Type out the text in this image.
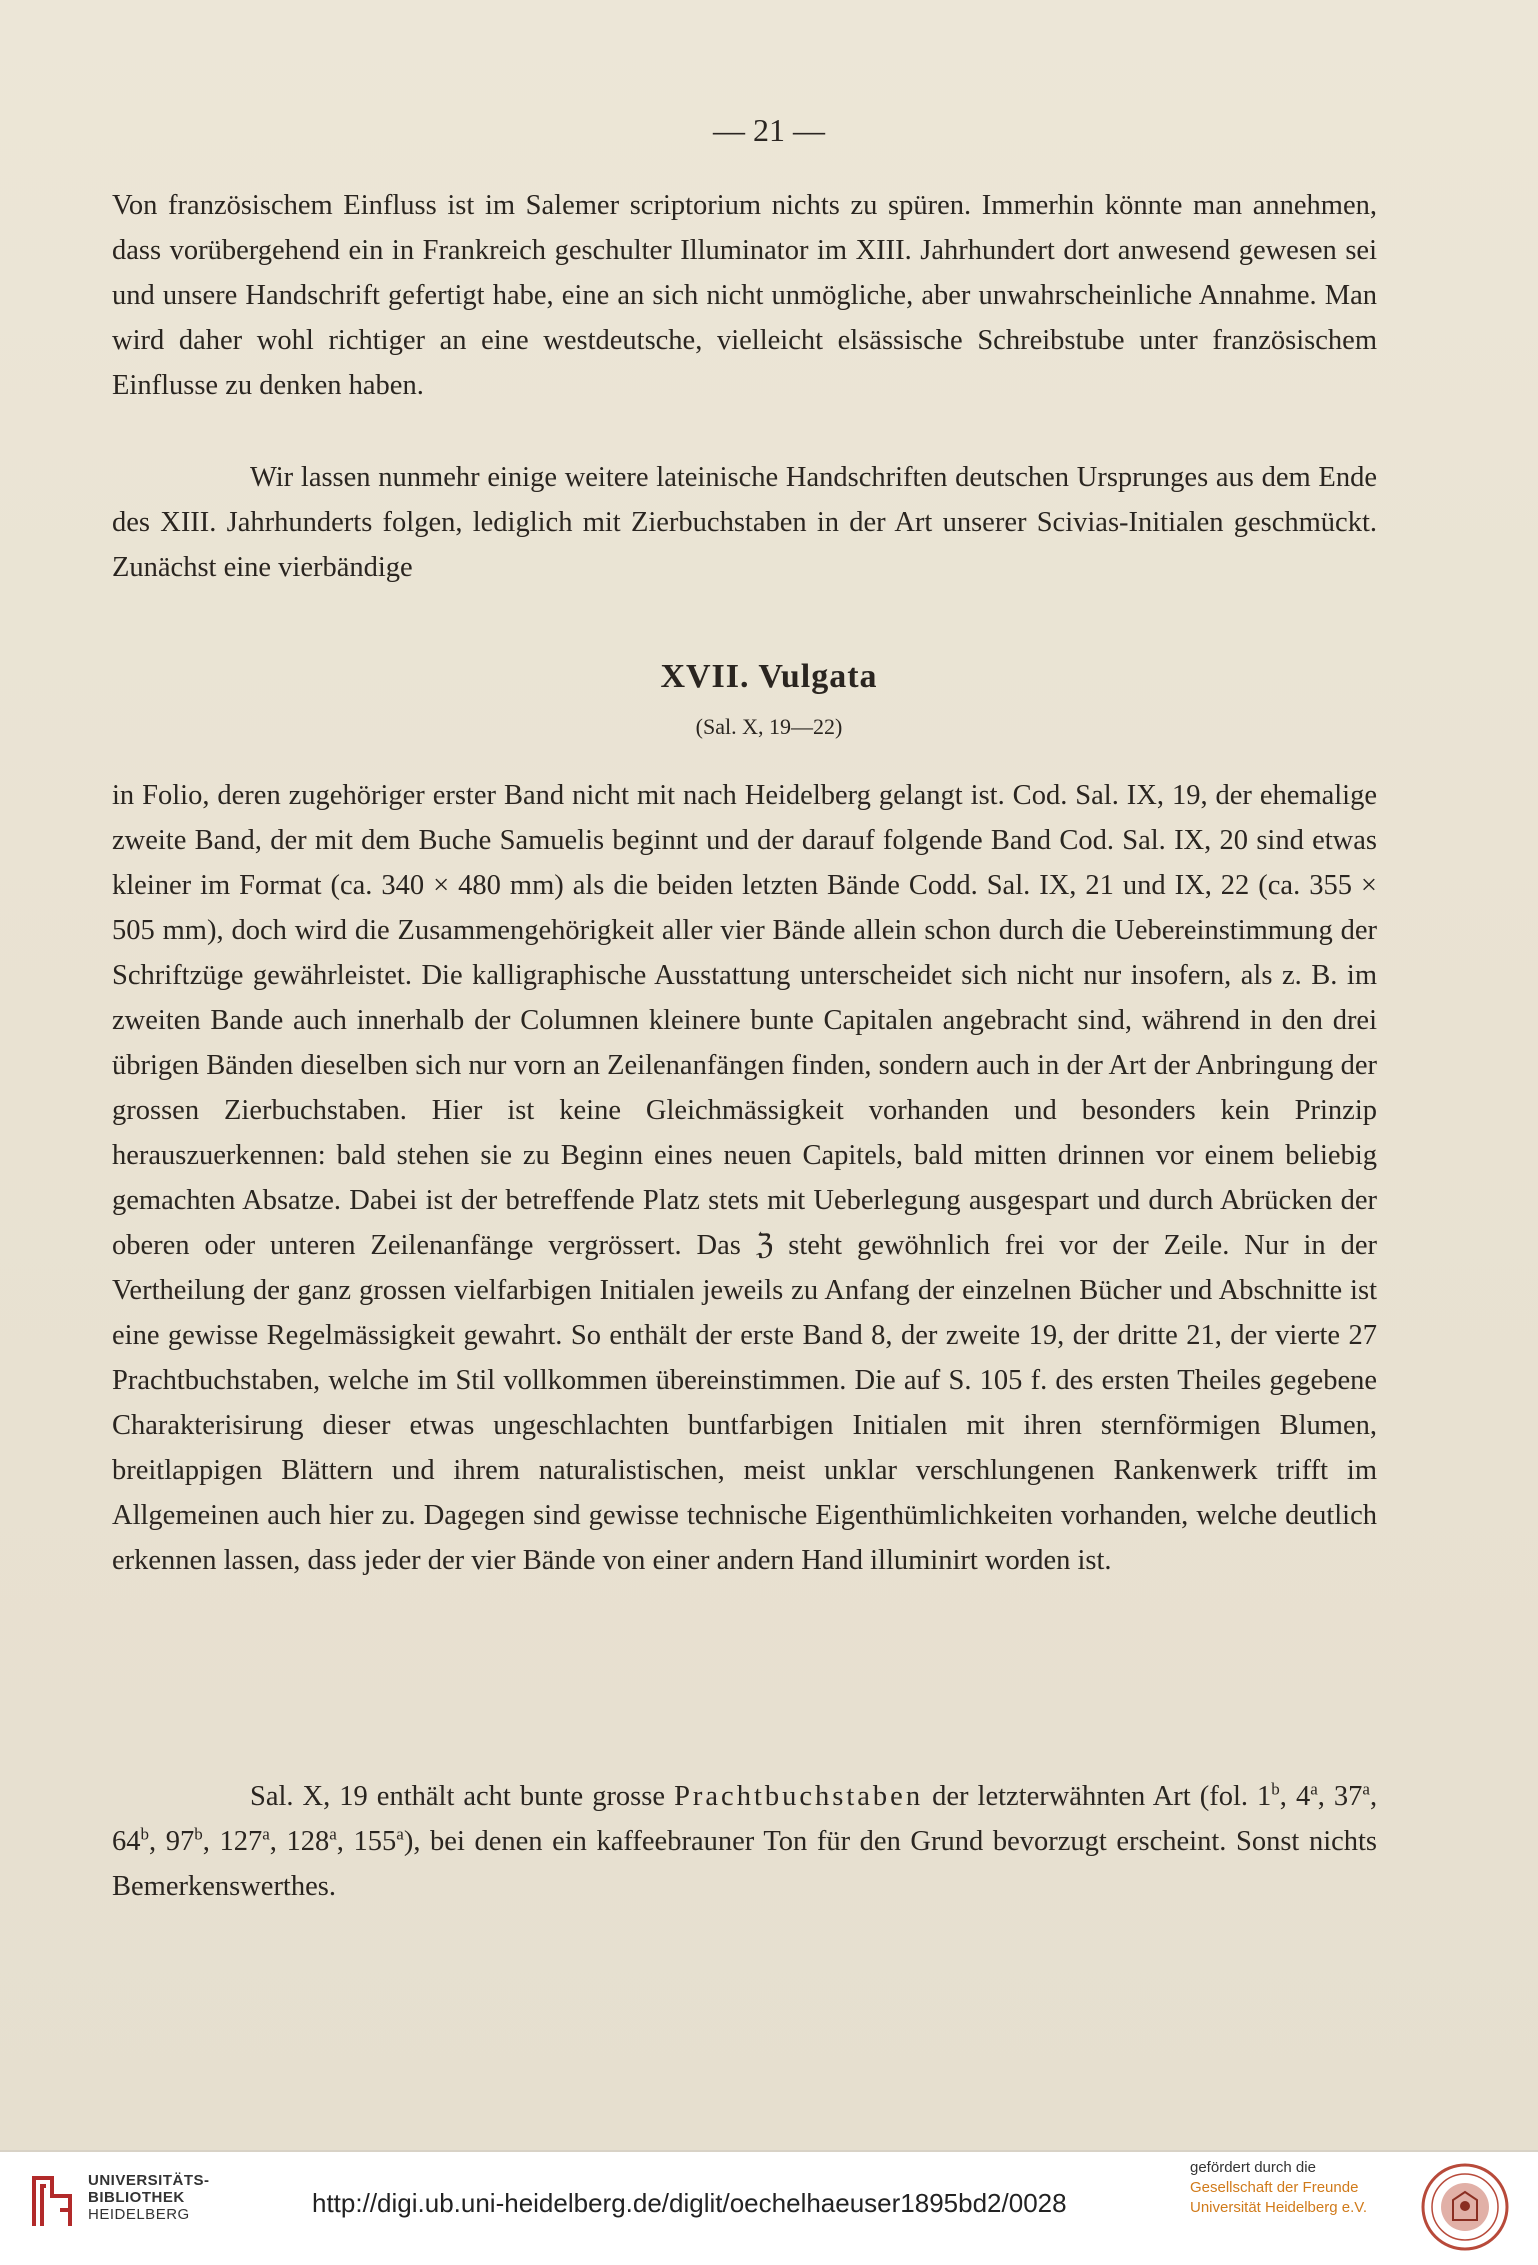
— 21 —

Von französischem Einfluss ist im Salemer scriptorium nichts zu spüren. Immerhin könnte man annehmen, dass vorübergehend ein in Frankreich geschulter Illuminator im XIII. Jahrhundert dort anwesend gewesen sei und unsere Handschrift gefertigt habe, eine an sich nicht unmögliche, aber unwahrscheinliche Annahme. Man wird daher wohl richtiger an eine westdeutsche, vielleicht elsässische Schreibstube unter französischem Einflusse zu denken haben.

Wir lassen nunmehr einige weitere lateinische Handschriften deutschen Ursprunges aus dem Ende des XIII. Jahrhunderts folgen, lediglich mit Zierbuchstaben in der Art unserer Scivias-Initialen geschmückt. Zunächst eine vierbändige

XVII. Vulgata
(Sal. X, 19—22)

in Folio, deren zugehöriger erster Band nicht mit nach Heidelberg gelangt ist. Cod. Sal. IX, 19, der ehemalige zweite Band, der mit dem Buche Samuelis beginnt und der darauf folgende Band Cod. Sal. IX, 20 sind etwas kleiner im Format (ca. 340 × 480 mm) als die beiden letzten Bände Codd. Sal. IX, 21 und IX, 22 (ca. 355 × 505 mm), doch wird die Zusammengehörigkeit aller vier Bände allein schon durch die Uebereinstimmung der Schriftzüge gewährleistet. Die kalligraphische Ausstattung unterscheidet sich nicht nur insofern, als z. B. im zweiten Bande auch innerhalb der Columnen kleinere bunte Capitalen angebracht sind, während in den drei übrigen Bänden dieselben sich nur vorn an Zeilenanfängen finden, sondern auch in der Art der Anbringung der grossen Zierbuchstaben. Hier ist keine Gleichmässigkeit vorhanden und besonders kein Prinzip herauszuerkennen: bald stehen sie zu Beginn eines neuen Capitels, bald mitten drinnen vor einem beliebig gemachten Absatze. Dabei ist der betreffende Platz stets mit Ueberlegung ausgespart und durch Abrücken der oberen oder unteren Zeilenanfänge vergrössert. Das ℨ steht gewöhnlich frei vor der Zeile. Nur in der Vertheilung der ganz grossen vielfarbigen Initialen jeweils zu Anfang der einzelnen Bücher und Abschnitte ist eine gewisse Regelmässigkeit gewahrt. So enthält der erste Band 8, der zweite 19, der dritte 21, der vierte 27 Prachtbuchstaben, welche im Stil vollkommen übereinstimmen. Die auf S. 105 f. des ersten Theiles gegebene Charakterisirung dieser etwas ungeschlachten buntfarbigen Initialen mit ihren sternförmigen Blumen, breitlappigen Blättern und ihrem naturalistischen, meist unklar verschlungenen Rankenwerk trifft im Allgemeinen auch hier zu. Dagegen sind gewisse technische Eigenthümlichkeiten vorhanden, welche deutlich erkennen lassen, dass jeder der vier Bände von einer andern Hand illuminirt worden ist.

Sal. X, 19 enthält acht bunte grosse Prachtbuchstaben der letzterwähnten Art (fol. 1$^b$, 4$^a$, 37$^a$, 64$^b$, 97$^b$, 127$^a$, 128$^a$, 155$^a$), bei denen ein kaffeebrauner Ton für den Grund bevorzugt erscheint. Sonst nichts Bemerkenswerthes.

UNIVERSITÄTS-
BIBLIOTHEK
HEIDELBERG	http://digi.ub.uni-heidelberg.de/diglit/oechelhaeuser1895bd2/0028
gefördert durch die
Gesellschaft der Freunde
Universität Heidelberg e.V.
